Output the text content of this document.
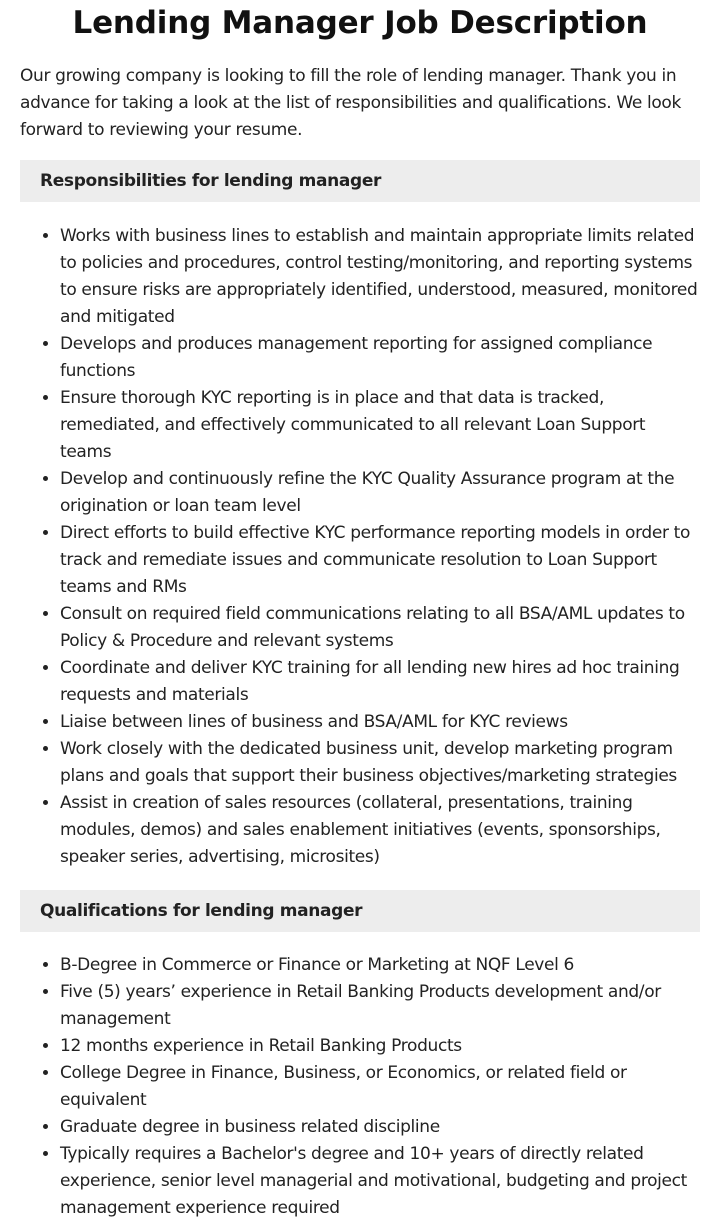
Lending Manager Job Description

Our growing company is looking to fill the role of lending manager. Thank you in advance for taking a look at the list of responsibilities and qualifications. We look forward to reviewing your resume.

Responsibilities for lending manager
• Works with business lines to establish and maintain appropriate limits related to policies and procedures, control testing/monitoring, and reporting systems to ensure risks are appropriately identified, understood, measured, monitored and mitigated
• Develops and produces management reporting for assigned compliance functions
• Ensure thorough KYC reporting is in place and that data is tracked, remediated, and effectively communicated to all relevant Loan Support teams
• Develop and continuously refine the KYC Quality Assurance program at the origination or loan team level
• Direct efforts to build effective KYC performance reporting models in order to track and remediate issues and communicate resolution to Loan Support teams and RMs
• Consult on required field communications relating to all BSA/AML updates to Policy & Procedure and relevant systems
• Coordinate and deliver KYC training for all lending new hires ad hoc training requests and materials
• Liaise between lines of business and BSA/AML for KYC reviews
• Work closely with the dedicated business unit, develop marketing program plans and goals that support their business objectives/marketing strategies
• Assist in creation of sales resources (collateral, presentations, training modules, demos) and sales enablement initiatives (events, sponsorships, speaker series, advertising, microsites)
Qualifications for lending manager
• B-Degree in Commerce or Finance or Marketing at NQF Level 6
• Five (5) years’ experience in Retail Banking Products development and/or management
• 12 months experience in Retail Banking Products
• College Degree in Finance, Business, or Economics, or related field or equivalent
• Graduate degree in business related discipline
• Typically requires a Bachelor's degree and 10+ years of directly related experience, senior level managerial and motivational, budgeting and project management experience required
